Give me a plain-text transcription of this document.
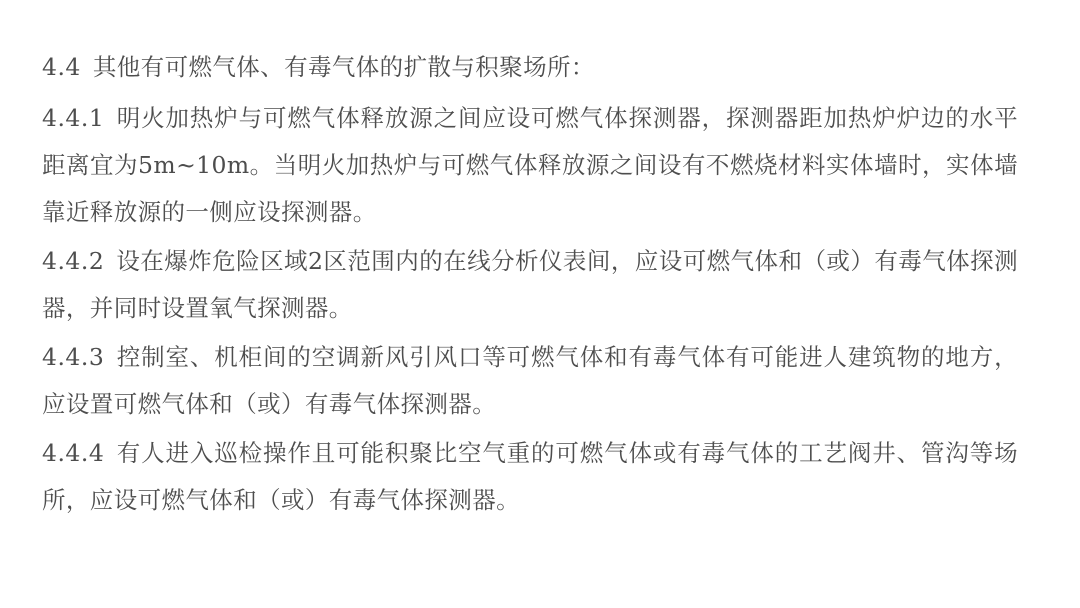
4.4 其他有可燃气体、有毒气体的扩散与积聚场所：

4.4.1 明火加热炉与可燃气体释放源之间应设可燃气体探测器，探测器距加热炉炉边的水平距离宜为5m~10m。当明火加热炉与可燃气体释放源之间设有不燃烧材料实体墙时，实体墙靠近释放源的一侧应设探测器。

4.4.2 设在爆炸危险区域2区范围内的在线分析仪表间，应设可燃气体和（或）有毒气体探测器，并同时设置氧气探测器。

4.4.3 控制室、机柜间的空调新风引风口等可燃气体和有毒气体有可能进人建筑物的地方，应设置可燃气体和（或）有毒气体探测器。

4.4.4 有人进入巡检操作且可能积聚比空气重的可燃气体或有毒气体的工艺阀井、管沟等场所，应设可燃气体和（或）有毒气体探测器。
